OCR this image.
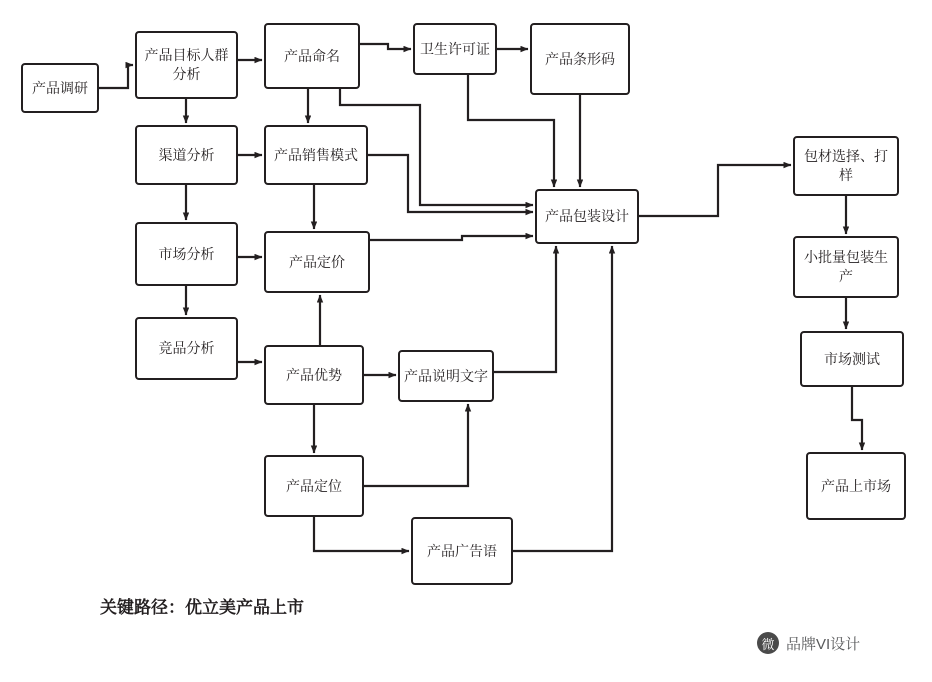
产品调研
产品目标人群分析
产品命名	卫生许可证
产品条形码
渠道分析	产品销售模式
市场分析	产品定价
竞品分析
产品优势	产品说明文字
产品定位
产品广告语
产品包装设计
包材选择、打样
小批量包装生产
市场测试
产品上市场
关键路径：优立美产品上市
微 品牌VI设计
